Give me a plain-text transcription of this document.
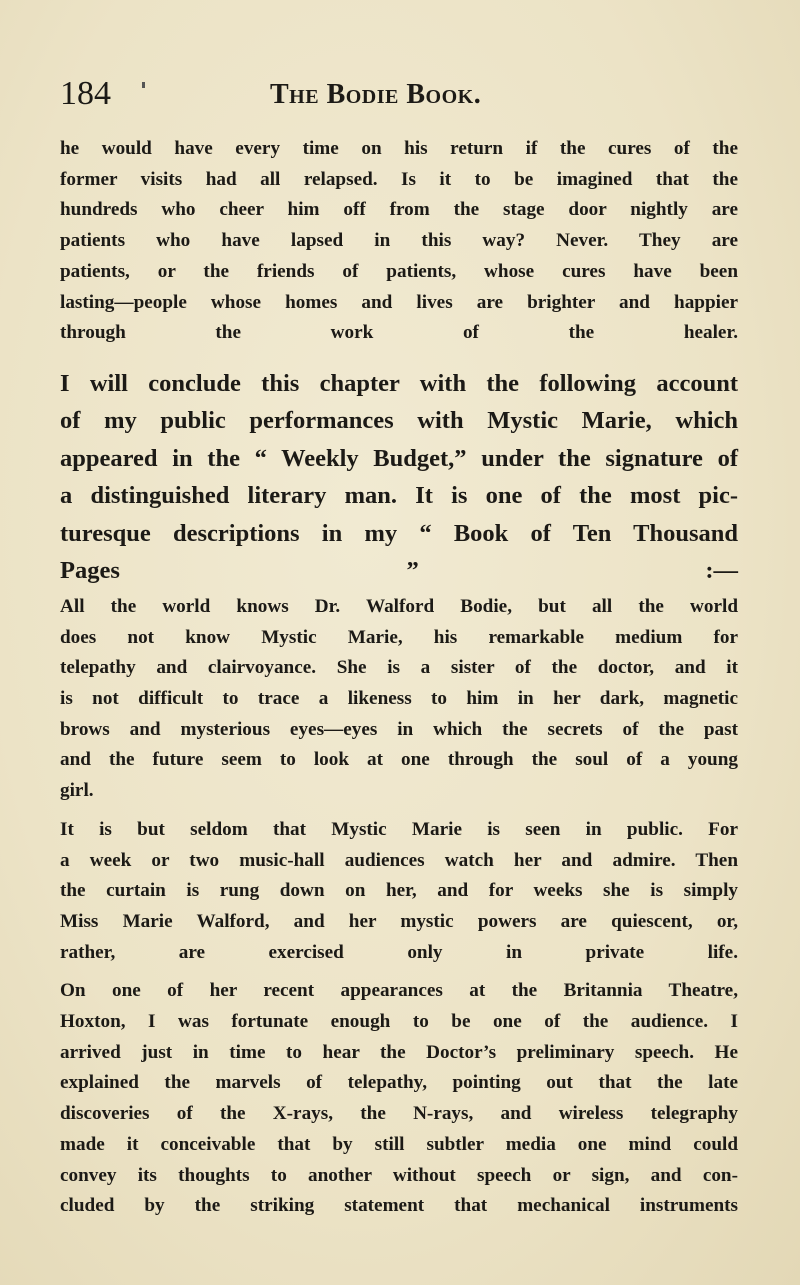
184	The Bodie Book.
he would have every time on his return if the cures of the
former visits had all relapsed. Is it to be imagined that the
hundreds who cheer him off from the stage door nightly are
patients who have lapsed in this way? Never. They are
patients, or the friends of patients, whose cures have been
lasting—people whose homes and lives are brighter and happier
through the work of the healer.
I will conclude this chapter with the following account
of my public performances with Mystic Marie, which
appeared in the “ Weekly Budget,” under the signature of
a distinguished literary man. It is one of the most pic-
turesque descriptions in my “ Book of Ten Thousand
Pages ” :—
All the world knows Dr. Walford Bodie, but all the world
does not know Mystic Marie, his remarkable medium for
telepathy and clairvoyance. She is a sister of the doctor, and it
is not difficult to trace a likeness to him in her dark, magnetic
brows and mysterious eyes—eyes in which the secrets of the past
and the future seem to look at one through the soul of a young
girl.
It is but seldom that Mystic Marie is seen in public. For
a week or two music-hall audiences watch her and admire. Then
the curtain is rung down on her, and for weeks she is simply
Miss Marie Walford, and her mystic powers are quiescent, or,
rather, are exercised only in private life.
On one of her recent appearances at the Britannia Theatre,
Hoxton, I was fortunate enough to be one of the audience. I
arrived just in time to hear the Doctor’s preliminary speech. He
explained the marvels of telepathy, pointing out that the late
discoveries of the X-rays, the N-rays, and wireless telegraphy
made it conceivable that by still subtler media one mind could
convey its thoughts to another without speech or sign, and con-
cluded by the striking statement that mechanical instruments
